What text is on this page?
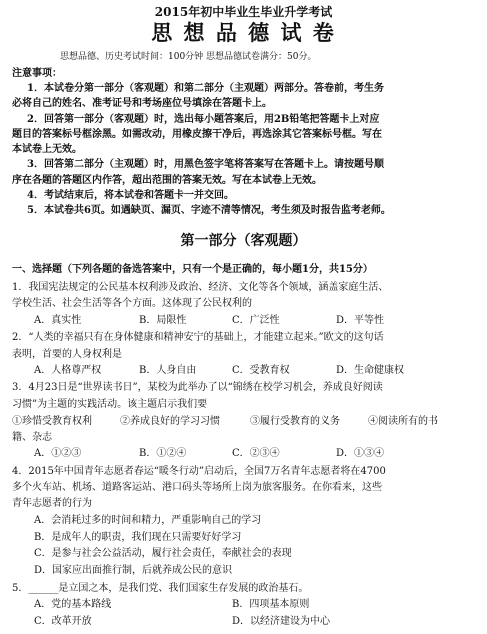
2015年初中毕业生毕业升学考试
思 想 品 德 试 卷
思想品德、历史考试时间：100分钟 思想品德试卷满分：50分。
注意事项：
1．本试卷分第一部分（客观题）和第二部分（主观题）两部分。答卷前，考生务
必将自己的姓名、准考证号和考场座位号填涂在答题卡上。
2．回答第一部分（客观题）时，选出每小题答案后，用2B铅笔把答题卡上对应
题目的答案标号框涂黑。如需改动，用橡皮擦干净后，再选涂其它答案标号框。写在
本试卷上无效。
3．回答第二部分（主观题）时，用黑色签字笔将答案写在答题卡上。请按题号顺
序在各题的答题区内作答，超出范围的答案无效。写在本试卷上无效。
4．考试结束后，将本试卷和答题卡一并交回。
5．本试卷共6页。如遇缺页、漏页、字迹不清等情况，考生须及时报告监考老师。
第一部分（客观题）
一、选择题（下列各题的备选答案中，只有一个是正确的，每小题1分，共15分）
1．我国宪法规定的公民基本权利涉及政治、经济、文化等各个领域，涵盖家庭生活、
学校生活、社会生活等各个方面。这体现了公民权利的
A．真实性	B．局限性	C．广泛性	D．平等性
2．“人类的幸福只有在身体健康和精神安宁的基础上，才能建立起来。”欧文的这句话
表明，首要的人身权利是
A．人格尊严权	B．人身自由	C．受教育权	D．生命健康权
3．4月23日是“世界读书日”，某校为此举办了以“锦绣在校学习机会，养成良好阅读
习惯”为主题的实践活动。该主题启示我们要
①珍惜受教育权利	②养成良好的学习习惯	③履行受教育的义务	④阅读所有的书
籍、杂志
A．①②③	B．①②④	C．②③④	D．①③④
4．2015年中国青年志愿者春运“暖冬行动”启动后，全国7万名青年志愿者将在4700
多个火车站、机场、道路客运站、港口码头等场所上岗为旅客服务。在你看来，这些
青年志愿者的行为
A．会消耗过多的时间和精力，严重影响自己的学习
B．是成年人的职责，我们现在只需要好好学习
C．是参与社会公益活动，履行社会责任，奉献社会的表现
D．国家应出面推行制，后就养成公民的意识
5．______是立国之本，是我们党、我们国家生存发展的政治基石。
A．党的基本路线	B．四项基本原则
C．改革开放	D．以经济建设为中心
